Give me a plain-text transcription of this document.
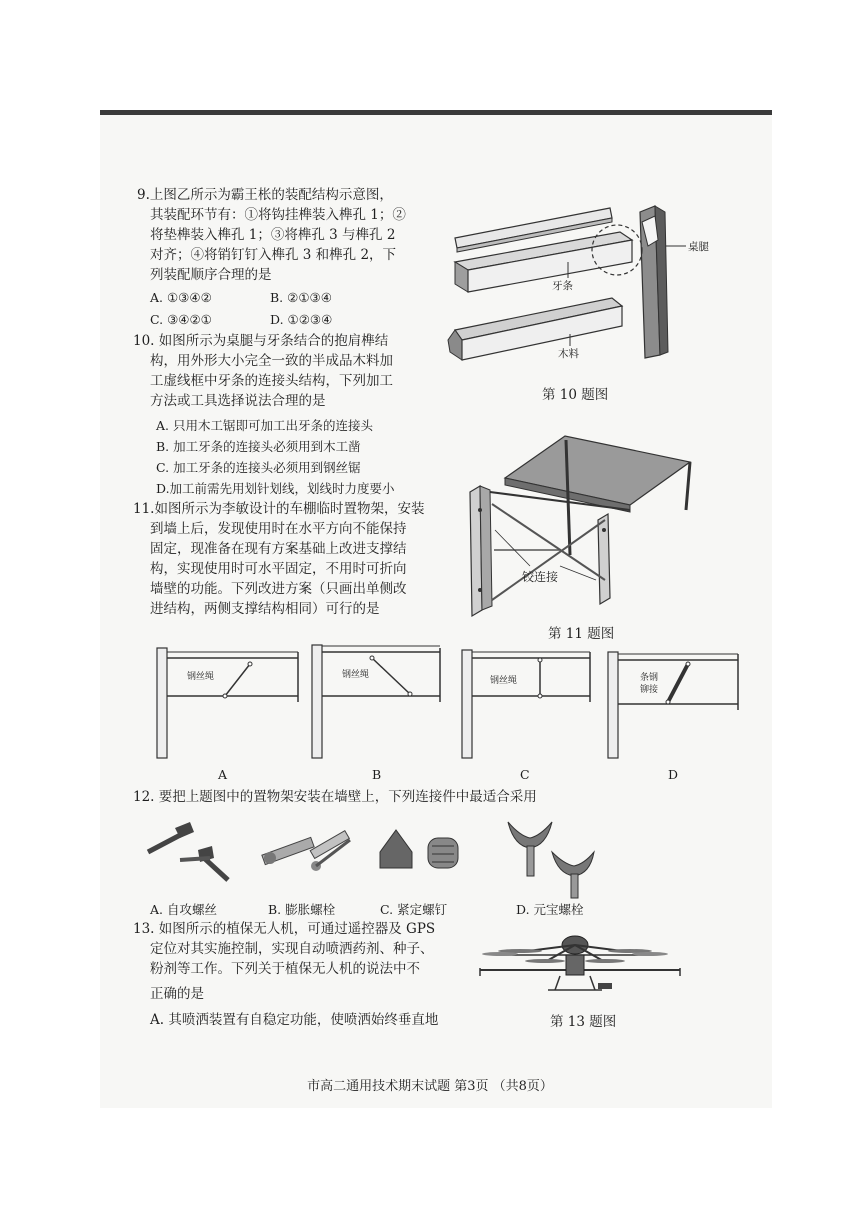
9.上图乙所示为霸王枨的装配结构示意图，
其装配环节有：①将钩挂榫装入榫孔 1；②
将垫榫装入榫孔 1；③将榫孔 3 与榫孔 2
对齐；④将销钉钉入榫孔 3 和榫孔 2，下
列装配顺序合理的是
A. ①③④②	B. ②①③④
C. ③④②①	D. ①②③④
10. 如图所示为桌腿与牙条结合的抱肩榫结
构，用外形大小完全一致的半成品木料加
工虚线框中牙条的连接头结构，下列加工
方法或工具选择说法合理的是
A. 只用木工锯即可加工出牙条的连接头
B. 加工牙条的连接头必须用到木工凿
C. 加工牙条的连接头必须用到钢丝锯
D.加工前需先用划针划线，划线时力度要小
桌腿
牙条
木料
第 10 题图
11.如图所示为李敏设计的车棚临时置物架，安装
到墙上后，发现使用时在水平方向不能保持
固定，现准备在现有方案基础上改进支撑结
构，实现使用时可水平固定，不用时可折向
墙壁的功能。下列改进方案（只画出单侧改
进结构，两侧支撑结构相同）可行的是
铰连接
第 11 题图
钢丝绳	钢丝绳
钢丝绳	条钢
铆接
A	B	C	D
12. 要把上题图中的置物架安装在墙壁上，下列连接件中最适合采用
A. 自攻螺丝	B. 膨胀螺栓	C. 紧定螺钉	D. 元宝螺栓
13. 如图所示的植保无人机，可通过遥控器及 GPS
定位对其实施控制，实现自动喷洒药剂、种子、
粉剂等工作。下列关于植保无人机的说法中不
正确的是
A. 其喷洒装置有自稳定功能，使喷洒始终垂直地	第 13 题图
市高二通用技术期末试题 第3页 （共8页）
